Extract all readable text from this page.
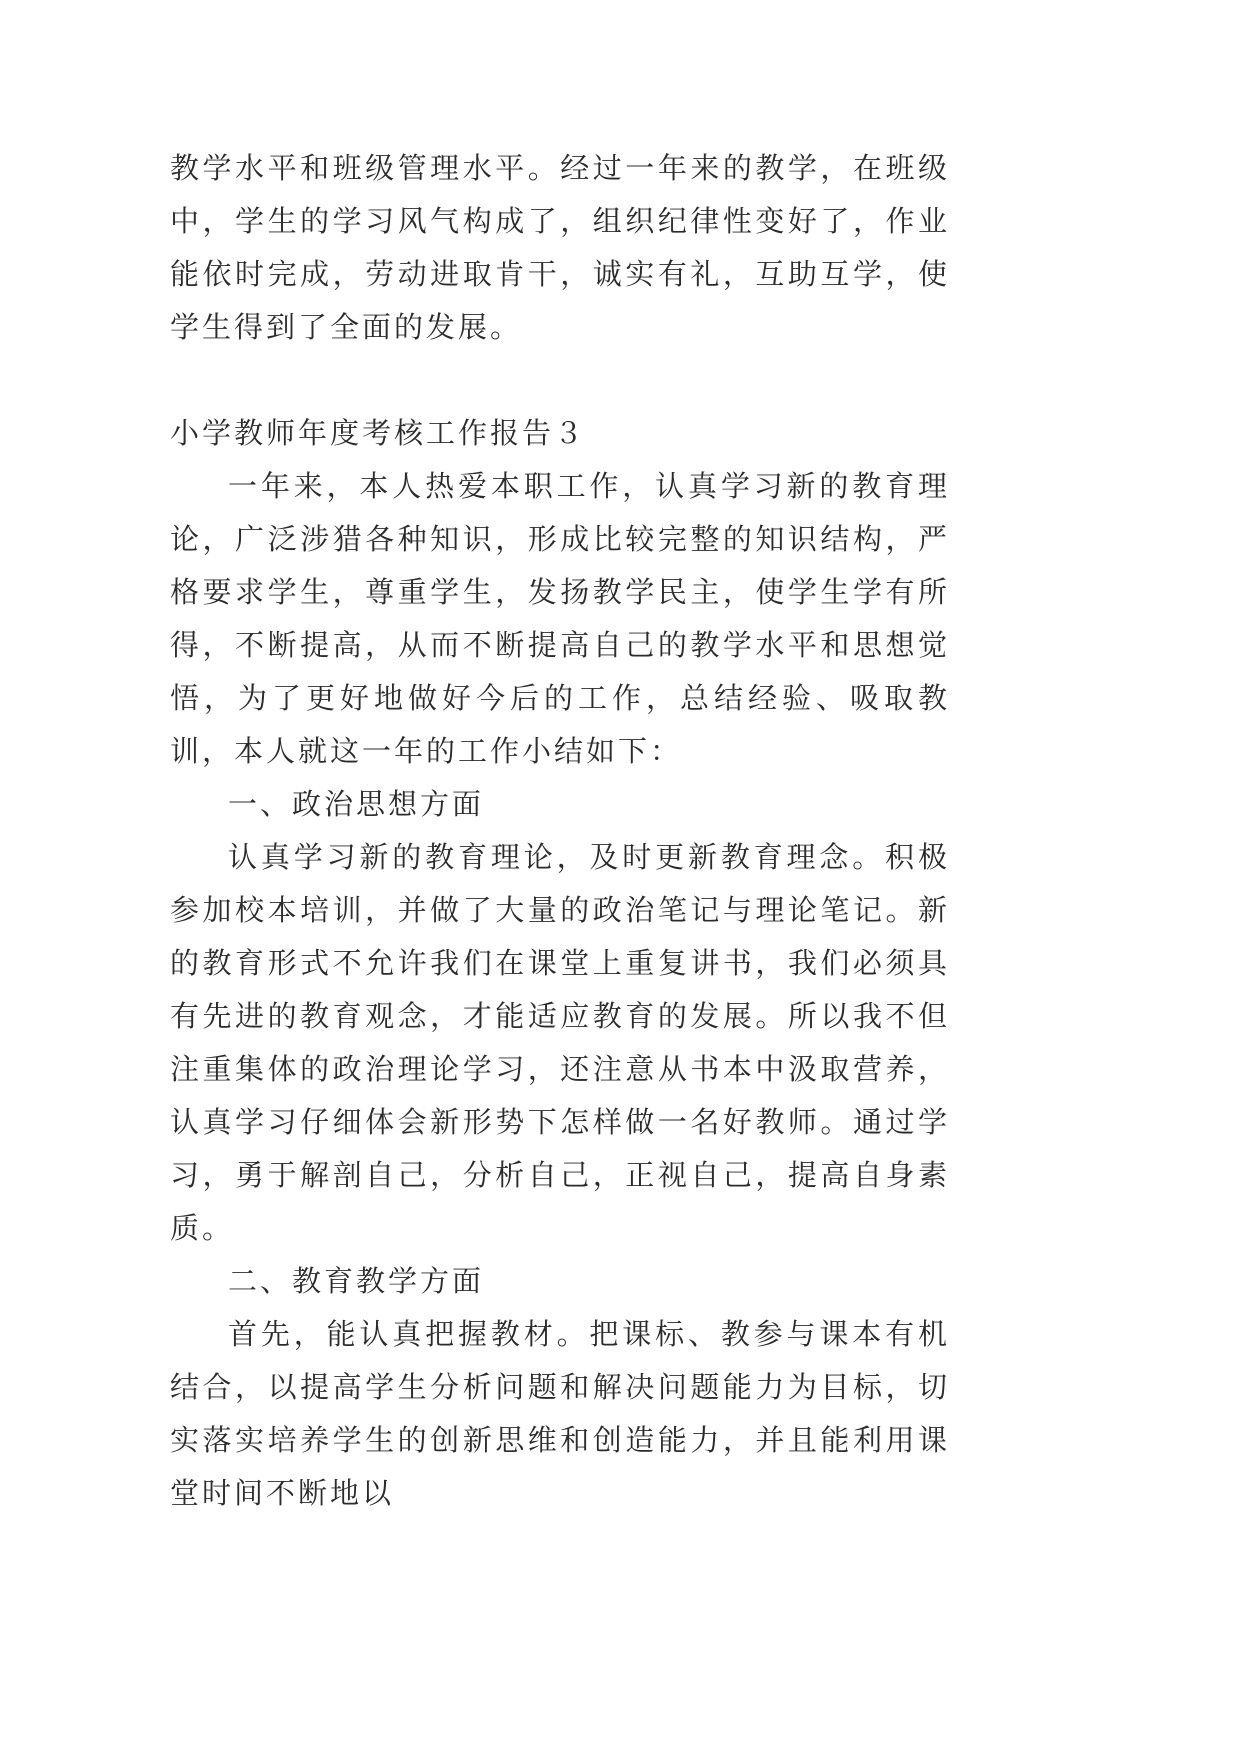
教学水平和班级管理水平。经过一年来的教学，在班级中，学生的学习风气构成了，组织纪律性变好了，作业能依时完成，劳动进取肯干，诚实有礼，互助互学，使学生得到了全面的发展。

小学教师年度考核工作报告３

一年来，本人热爱本职工作，认真学习新的教育理论，广泛涉猎各种知识，形成比较完整的知识结构，严格要求学生，尊重学生，发扬教学民主，使学生学有所得，不断提高，从而不断提高自己的教学水平和思想觉悟，为了更好地做好今后的工作，总结经验、吸取教训，本人就这一年的工作小结如下：

一、政治思想方面

认真学习新的教育理论，及时更新教育理念。积极参加校本培训，并做了大量的政治笔记与理论笔记。新的教育形式不允许我们在课堂上重复讲书，我们必须具有先进的教育观念，才能适应教育的发展。所以我不但注重集体的政治理论学习，还注意从书本中汲取营养，认真学习仔细体会新形势下怎样做一名好教师。通过学习，勇于解剖自己，分析自己，正视自己，提高自身素质。

二、教育教学方面

首先，能认真把握教材。把课标、教参与课本有机结合，以提高学生分析问题和解决问题能力为目标，切实落实培养学生的创新思维和创造能力，并且能利用课堂时间不断地以
